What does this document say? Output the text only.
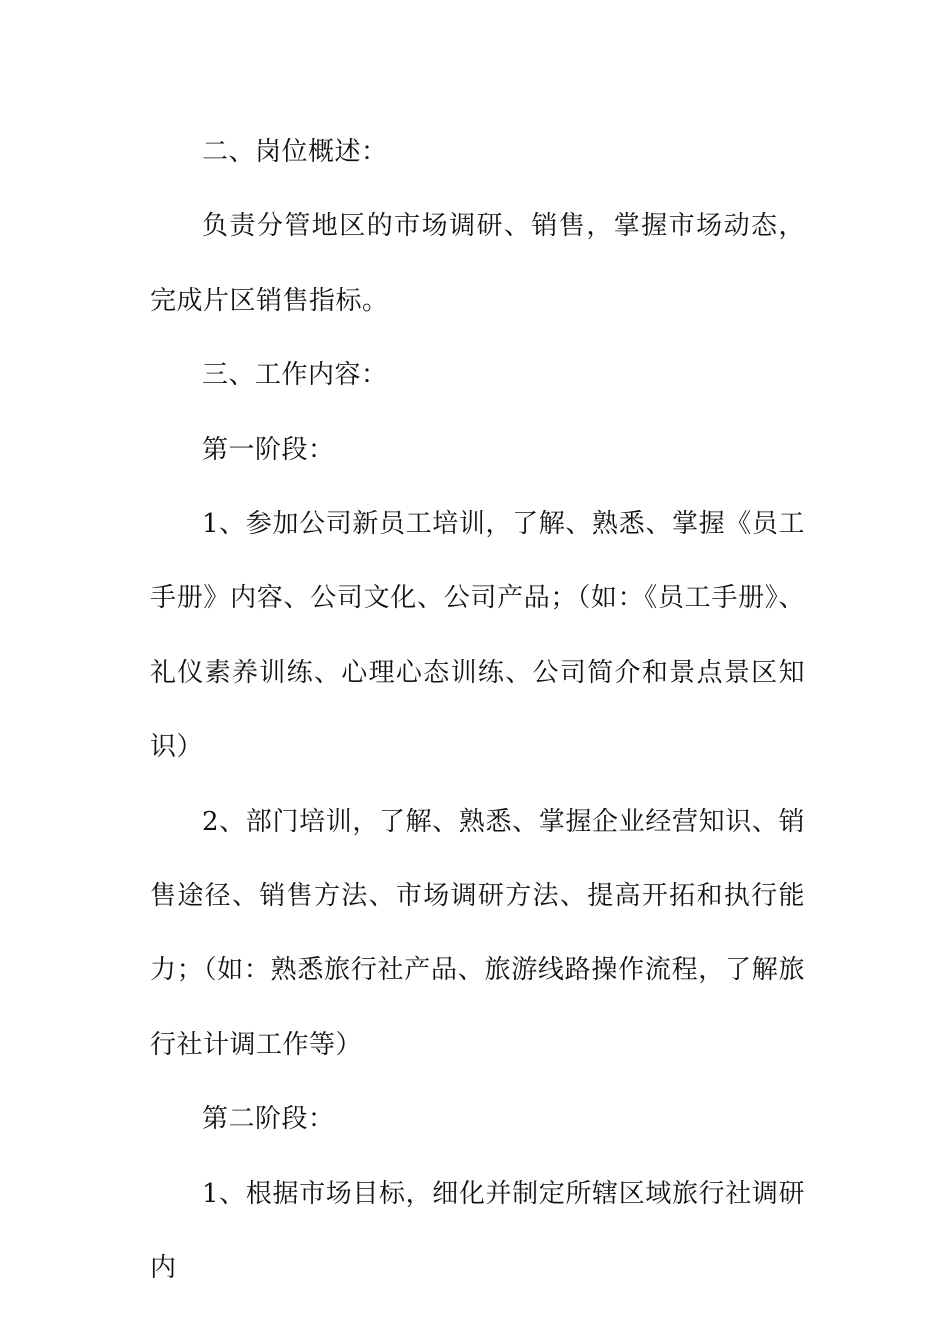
二、岗位概述：

负责分管地区的市场调研、销售，掌握市场动态，完成片区销售指标。

三、工作内容：

第一阶段：

1、参加公司新员工培训，了解、熟悉、掌握《员工手册》内容、公司文化、公司产品；（如：《员工手册》、礼仪素养训练、心理心态训练、公司简介和景点景区知识）

2、部门培训，了解、熟悉、掌握企业经营知识、销售途径、销售方法、市场调研方法、提高开拓和执行能力；（如：熟悉旅行社产品、旅游线路操作流程，了解旅行社计调工作等）

第二阶段：

1、根据市场目标，细化并制定所辖区域旅行社调研内
